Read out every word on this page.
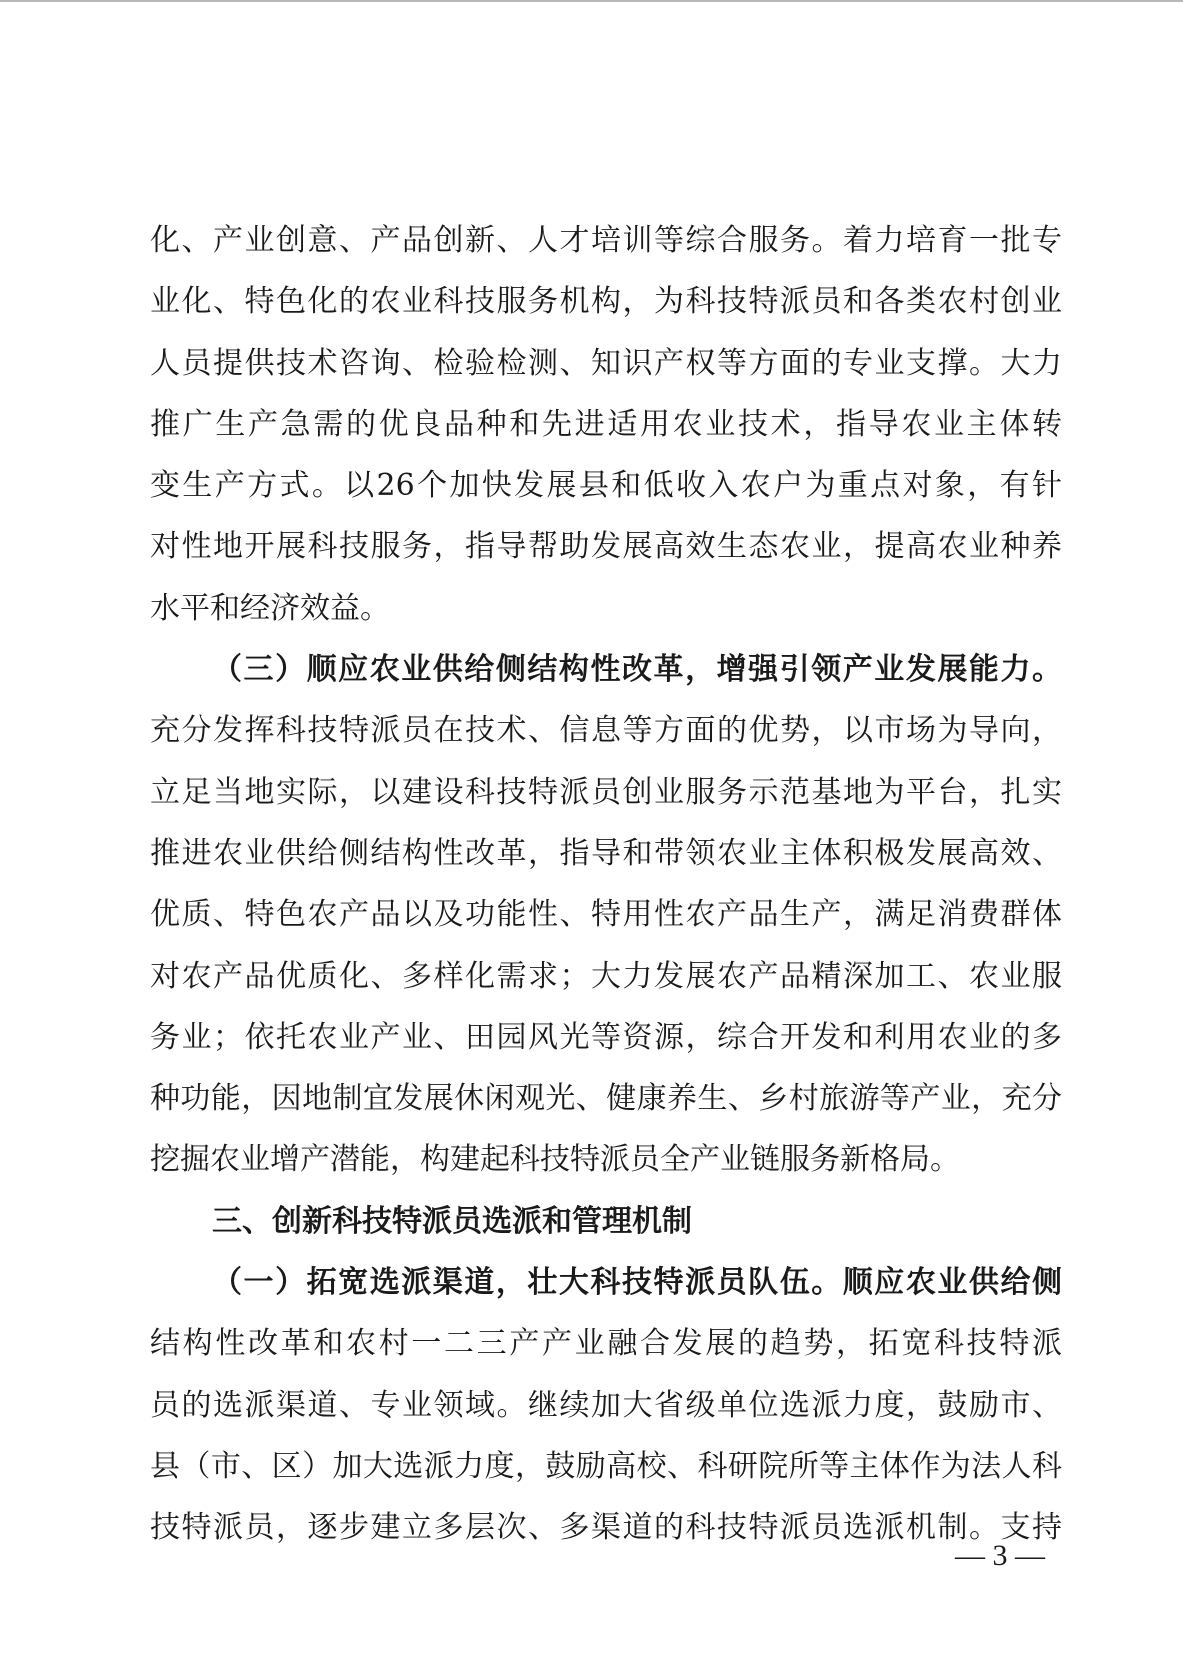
化、产业创意、产品创新、人才培训等综合服务。着力培育一批专
业化、特色化的农业科技服务机构，为科技特派员和各类农村创业
人员提供技术咨询、检验检测、知识产权等方面的专业支撑。大力
推广生产急需的优良品种和先进适用农业技术，指导农业主体转
变生产方式。以26个加快发展县和低收入农户为重点对象，有针
对性地开展科技服务，指导帮助发展高效生态农业，提高农业种养
水平和经济效益。
（三）顺应农业供给侧结构性改革，增强引领产业发展能力。
充分发挥科技特派员在技术、信息等方面的优势，以市场为导向，
立足当地实际，以建设科技特派员创业服务示范基地为平台，扎实
推进农业供给侧结构性改革，指导和带领农业主体积极发展高效、
优质、特色农产品以及功能性、特用性农产品生产，满足消费群体
对农产品优质化、多样化需求；大力发展农产品精深加工、农业服
务业；依托农业产业、田园风光等资源，综合开发和利用农业的多
种功能，因地制宜发展休闲观光、健康养生、乡村旅游等产业，充分
挖掘农业增产潜能，构建起科技特派员全产业链服务新格局。
三、创新科技特派员选派和管理机制
（一）拓宽选派渠道，壮大科技特派员队伍。顺应农业供给侧
结构性改革和农村一二三产产业融合发展的趋势，拓宽科技特派
员的选派渠道、专业领域。继续加大省级单位选派力度，鼓励市、
县（市、区）加大选派力度，鼓励高校、科研院所等主体作为法人科
技特派员，逐步建立多层次、多渠道的科技特派员选派机制。支持
— 3 —
